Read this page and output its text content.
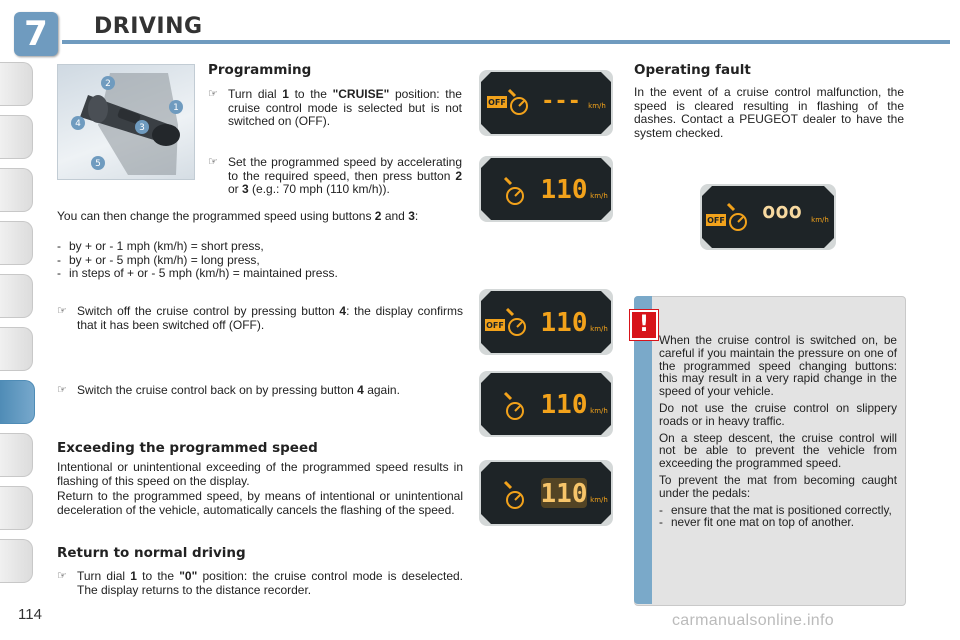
7	DRIVING
2
1
4	3
5
Programming
☞ Turn dial 1 to the "CRUISE" position: the cruise control mode is selected but is not switched on (OFF).
☞ Set the programmed speed by accelerating to the required speed, then press button 2 or 3 (e.g.: 70 mph (110 km/h)).

You can then change the programmed speed using buttons 2 and 3:

- by + or - 1 mph (km/h) = short press,
- by + or - 5 mph (km/h) = long press,
- in steps of + or - 5 mph (km/h) = maintained press.
☞ Switch off the cruise control by pressing button 4: the display confirms that it has been switched off (OFF).
☞ Switch the cruise control back on by pressing button 4 again.
Exceeding the programmed speed

Intentional or unintentional exceeding of the programmed speed results in flashing of this speed on the display.

Return to the programmed speed, by means of intentional or unintentional deceleration of the vehicle, automatically cancels the flashing of the speed.

Return to normal driving
☞ Turn dial 1 to the "0" position: the cruise control mode is deselected. The display returns to the distance recorder.
OFF --- km/h
110 km/h
OFF 110 km/h
110 km/h
110 km/h
Operating fault

In the event of a cruise control malfunction, the speed is cleared resulting in flashing of the dashes. Contact a PEUGEOT dealer to have the system checked.

OFF ooo km/h
!

When the cruise control is switched on, be careful if you maintain the pressure on one of the programmed speed changing buttons: this may result in a very rapid change in the speed of your vehicle.

Do not use the cruise control on slippery roads or in heavy traffic.

On a steep descent, the cruise control will not be able to prevent the vehicle from exceeding the programmed speed.

To prevent the mat from becoming caught under the pedals:

- ensure that the mat is positioned correctly,
- never fit one mat on top of another.
114	carmanualsonline.info
